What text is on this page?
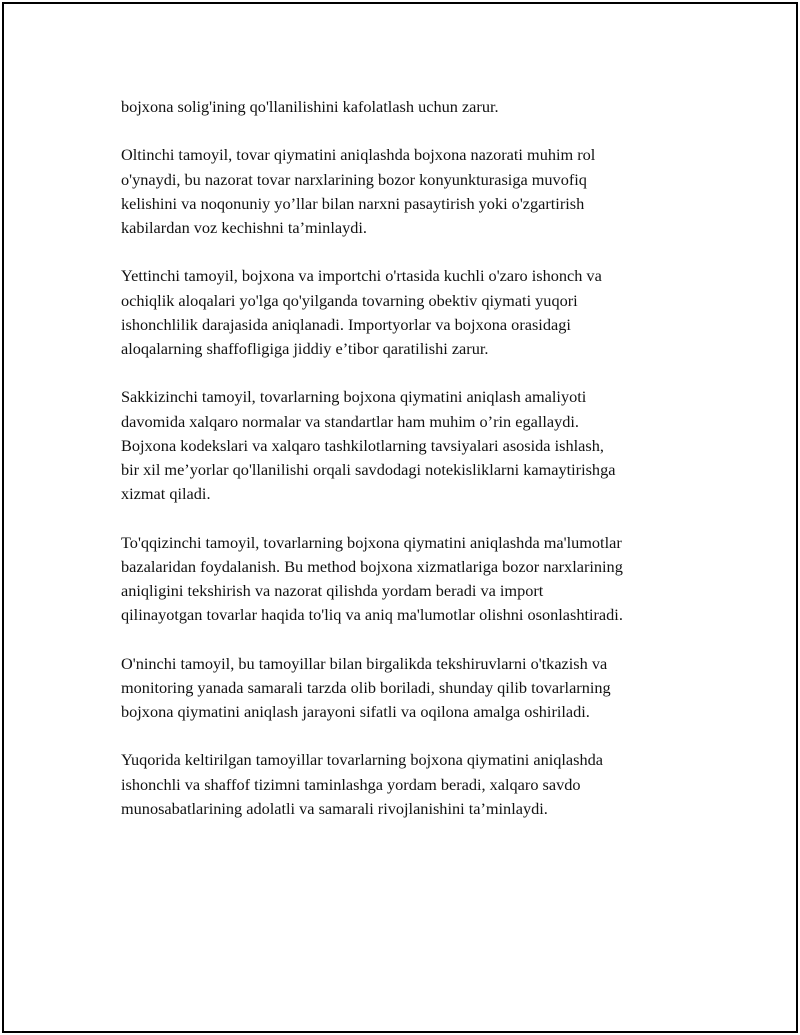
bojxona solig'ining qo'llanilishini kafolatlash uchun zarur.

Oltinchi tamoyil, tovar qiymatini aniqlashda bojxona nazorati muhim rol
o'ynaydi, bu nazorat tovar narxlarining bozor konyunkturasiga muvofiq
kelishini va noqonuniy yo’llar bilan narxni pasaytirish yoki o'zgartirish
kabilardan voz kechishni ta’minlaydi.

Yettinchi tamoyil, bojxona va importchi o'rtasida kuchli o'zaro ishonch va
ochiqlik aloqalari yo'lga qo'yilganda tovarning obektiv qiymati yuqori
ishonchlilik darajasida aniqlanadi. Importyorlar va bojxona orasidagi
aloqalarning shaffofligiga jiddiy e’tibor qaratilishi zarur.

Sakkizinchi tamoyil, tovarlarning bojxona qiymatini aniqlash amaliyoti
davomida xalqaro normalar va standartlar ham muhim o’rin egallaydi.
Bojxona kodekslari va xalqaro tashkilotlarning tavsiyalari asosida ishlash,
bir xil me’yorlar qo'llanilishi orqali savdodagi notekisliklarni kamaytirishga
xizmat qiladi.

To'qqizinchi tamoyil, tovarlarning bojxona qiymatini aniqlashda ma'lumotlar
bazalaridan foydalanish. Bu method bojxona xizmatlariga bozor narxlarining
aniqligini tekshirish va nazorat qilishda yordam beradi va import
qilinayotgan tovarlar haqida to'liq va aniq ma'lumotlar olishni osonlashtiradi.

O'ninchi tamoyil, bu tamoyillar bilan birgalikda tekshiruvlarni o'tkazish va
monitoring yanada samarali tarzda olib boriladi, shunday qilib tovarlarning
bojxona qiymatini aniqlash jarayoni sifatli va oqilona amalga oshiriladi.

Yuqorida keltirilgan tamoyillar tovarlarning bojxona qiymatini aniqlashda
ishonchli va shaffof tizimni taminlashga yordam beradi, xalqaro savdo
munosabatlarining adolatli va samarali rivojlanishini ta’minlaydi.
